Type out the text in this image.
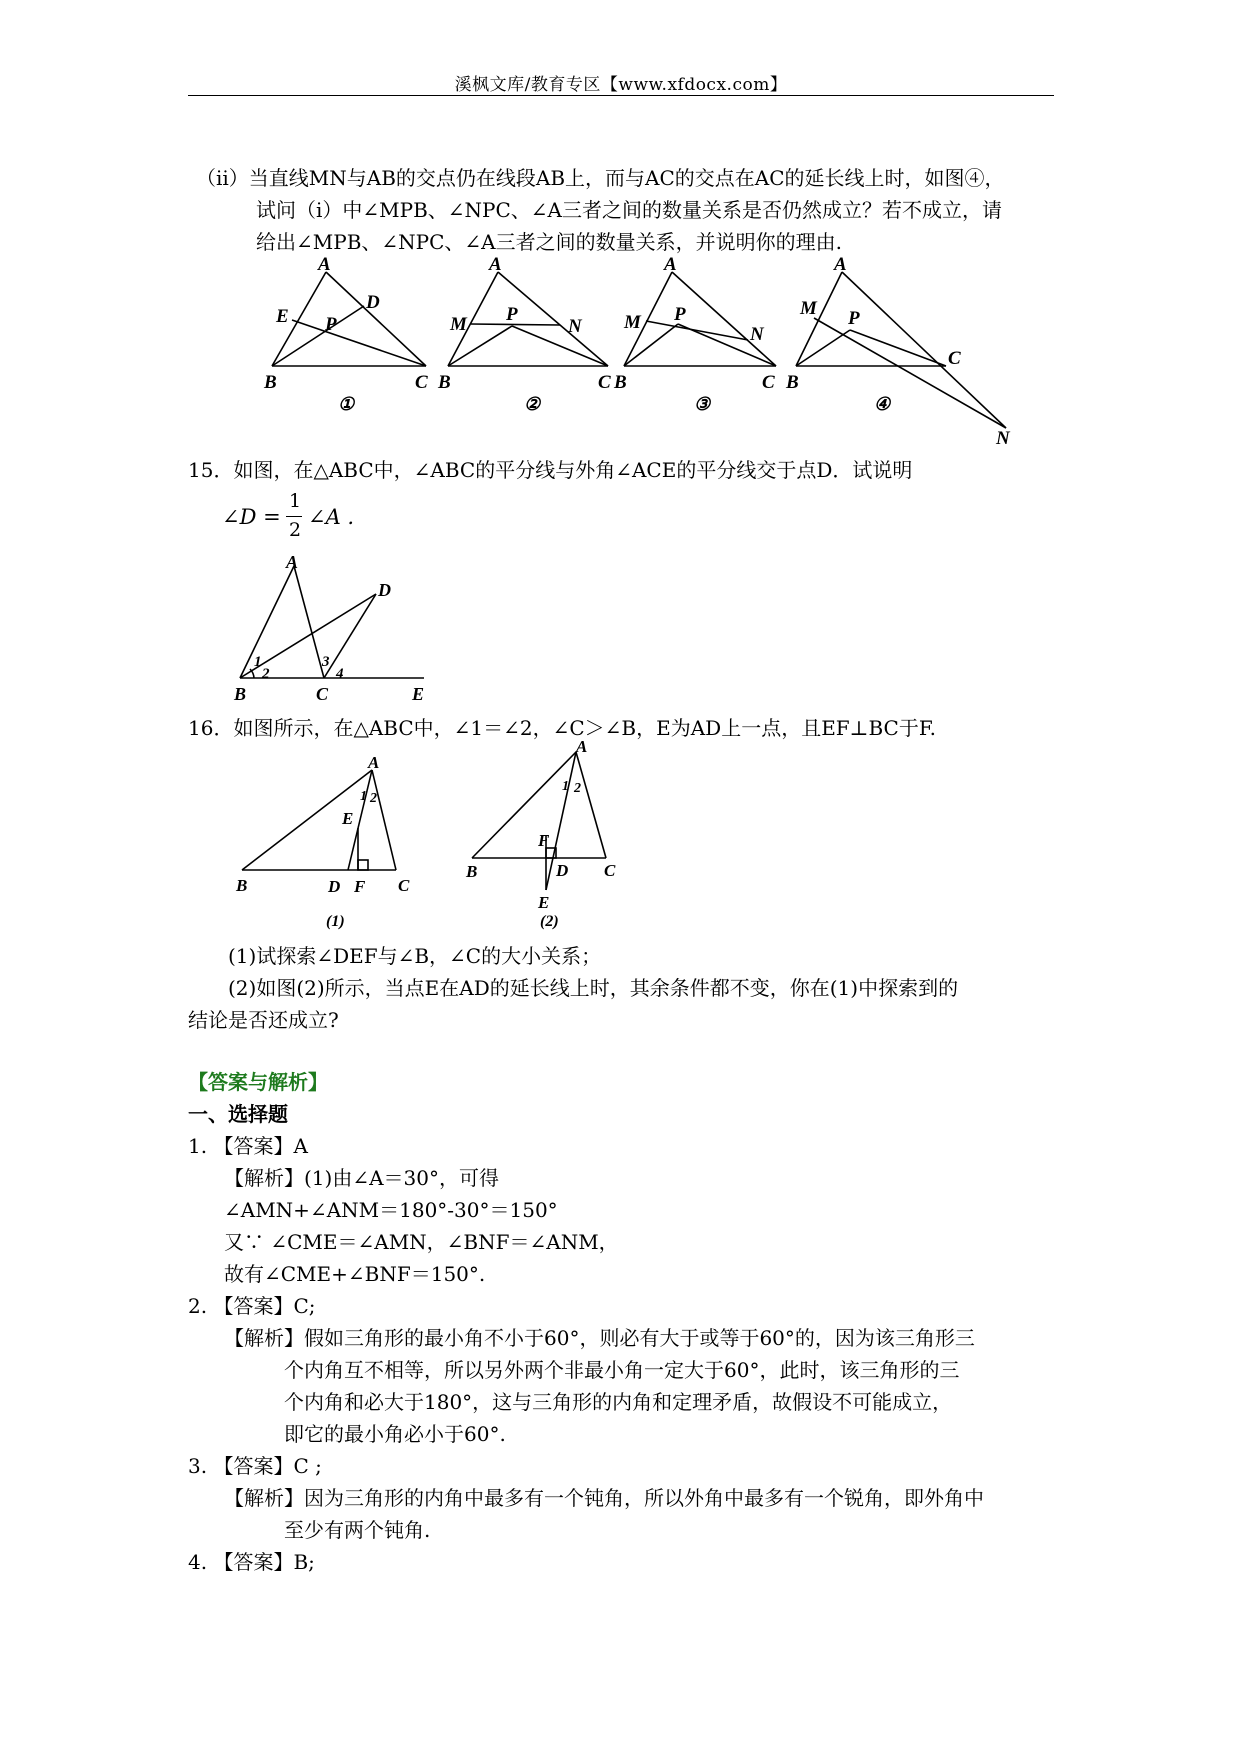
溪枫文库/教育专区【www.xfdocx.com】
（ⅱ）当直线MN与AB的交点仍在线段AB上，而与AC的交点在AC的延长线上时，如图④，
试问（ⅰ）中∠MPB、∠NPC、∠A三者之间的数量关系是否仍然成立？若不成立，请
给出∠MPB、∠NPC、∠A三者之间的数量关系，并说明你的理由.
A
B	C
D
E P
①
A
B	C
M	N
P
②
A
B	C
M
N
P
③
A
B
C
M
N
P
④
15．如图，在△ABC中，∠ABC的平分线与外角∠ACE的平分线交于点D．试说明
∠D =
1
2
∠A .
A
B	C
D
E
1
2
3
4
16．如图所示，在△ABC中，∠1＝∠2，∠C＞∠B，E为AD上一点，且EF⊥BC于F.
A
B	C
D
E
F
1 2
(1)
A
B	C
D
E
F
1 2
(2)
(1)试探索∠DEF与∠B，∠C的大小关系；
(2)如图(2)所示，当点E在AD的延长线上时，其余条件都不变，你在(1)中探索到的
结论是否还成立?
【答案与解析】
一、选择题
1. 【答案】A
【解析】(1)由∠A＝30°，可得
∠AMN+∠ANM＝180°-30°＝150°
又∵ ∠CME＝∠AMN，∠BNF＝∠ANM，
故有∠CME+∠BNF＝150°.
2. 【答案】C;
【解析】假如三角形的最小角不小于60°，则必有大于或等于60°的，因为该三角形三
个内角互不相等，所以另外两个非最小角一定大于60°，此时，该三角形的三
个内角和必大于180°，这与三角形的内角和定理矛盾，故假设不可能成立，
即它的最小角必小于60°.
3. 【答案】C ;
【解析】因为三角形的内角中最多有一个钝角，所以外角中最多有一个锐角，即外角中
至少有两个钝角.
4. 【答案】B;
